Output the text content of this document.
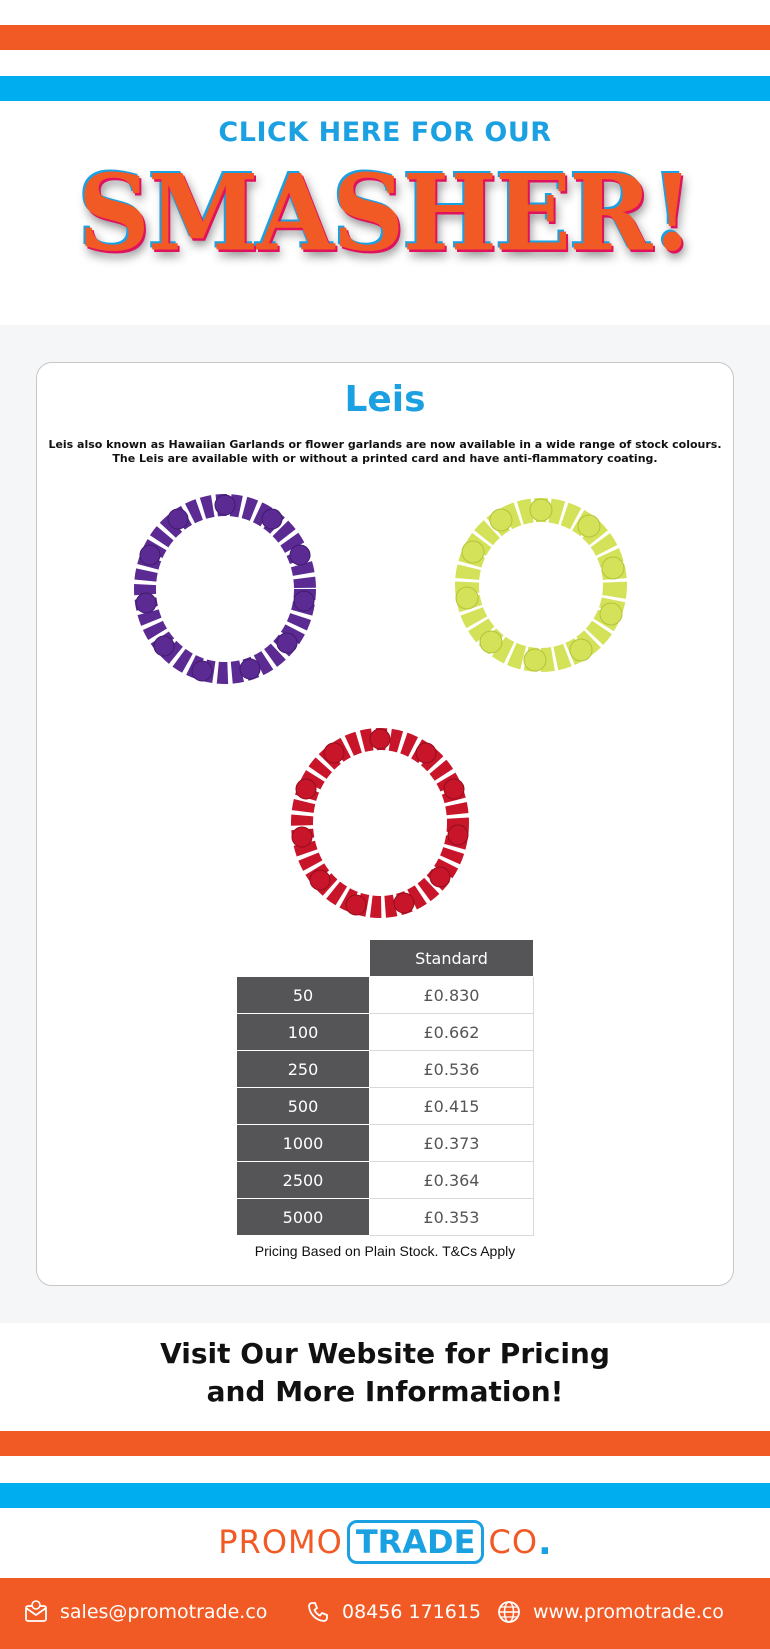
CLICK HERE FOR OUR
SMASHER!
Leis
Leis also known as Hawaiian Garlands or flower garlands are now available in a wide range of stock colours. The Leis are available with or without a printed card and have anti-flammatory coating.
	Standard
50	£0.830
100	£0.662
250	£0.536
500	£0.415
1000	£0.373
2500	£0.364
5000	£0.353
Pricing Based on Plain Stock. T&Cs Apply
Visit Our Website for Pricing
and More Information!
PROMO TRADE CO .
sales@promotrade.co	08456 171615	www.promotrade.co
